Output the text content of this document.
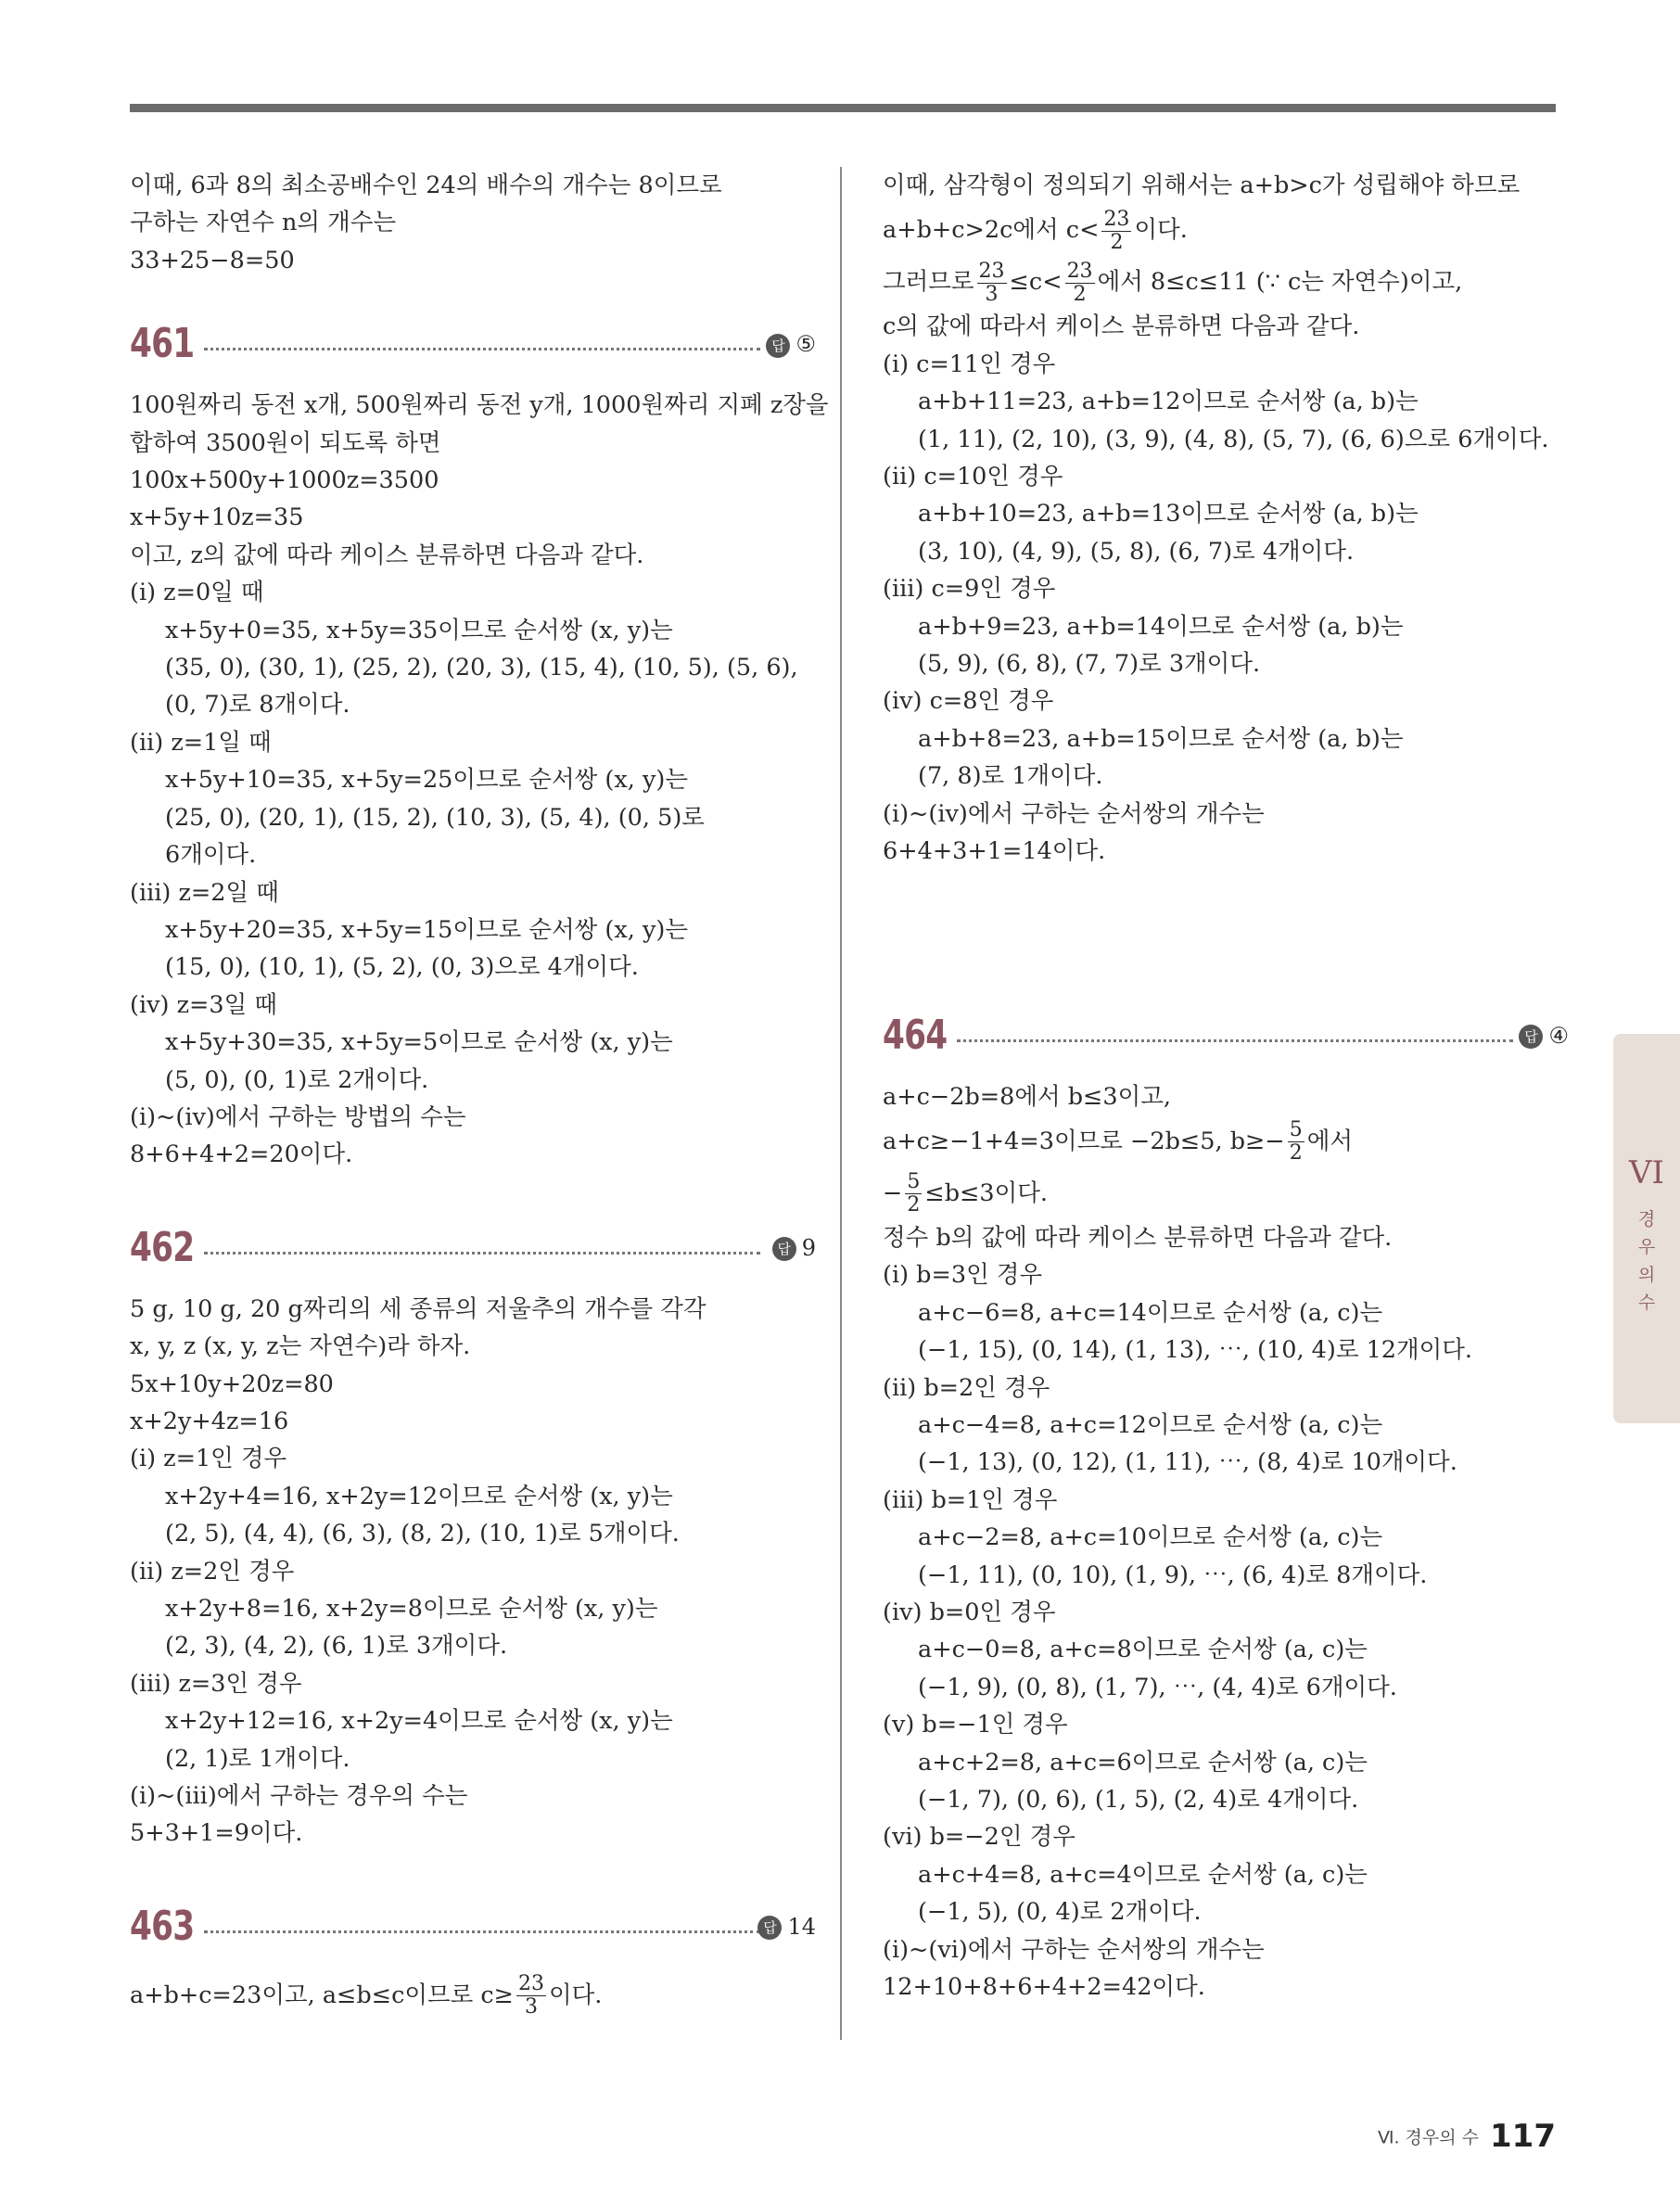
이때, 6과 8의 최소공배수인 24의 배수의 개수는 8이므로
구하는 자연수 n의 개수는
33+25−8=50
461	답 ⑤
100원짜리 동전 x개, 500원짜리 동전 y개, 1000원짜리 지폐 z장을
합하여 3500원이 되도록 하면
100x+500y+1000z=3500
x+5y+10z=35
이고, z의 값에 따라 케이스 분류하면 다음과 같다.
(ⅰ) z=0일 때
x+5y+0=35, x+5y=35이므로 순서쌍 (x, y)는
(35, 0), (30, 1), (25, 2), (20, 3), (15, 4), (10, 5), (5, 6),
(0, 7)로 8개이다.
(ⅱ) z=1일 때
x+5y+10=35, x+5y=25이므로 순서쌍 (x, y)는
(25, 0), (20, 1), (15, 2), (10, 3), (5, 4), (0, 5)로
6개이다.
(ⅲ) z=2일 때
x+5y+20=35, x+5y=15이므로 순서쌍 (x, y)는
(15, 0), (10, 1), (5, 2), (0, 3)으로 4개이다.
(ⅳ) z=3일 때
x+5y+30=35, x+5y=5이므로 순서쌍 (x, y)는
(5, 0), (0, 1)로 2개이다.
(ⅰ)~(ⅳ)에서 구하는 방법의 수는
8+6+4+2=20이다.
462	답 9
5 g, 10 g, 20 g짜리의 세 종류의 저울추의 개수를 각각
x, y, z (x, y, z는 자연수)라 하자.
5x+10y+20z=80
x+2y+4z=16
(ⅰ) z=1인 경우
x+2y+4=16, x+2y=12이므로 순서쌍 (x, y)는
(2, 5), (4, 4), (6, 3), (8, 2), (10, 1)로 5개이다.
(ⅱ) z=2인 경우
x+2y+8=16, x+2y=8이므로 순서쌍 (x, y)는
(2, 3), (4, 2), (6, 1)로 3개이다.
(ⅲ) z=3인 경우
x+2y+12=16, x+2y=4이므로 순서쌍 (x, y)는
(2, 1)로 1개이다.
(ⅰ)~(ⅲ)에서 구하는 경우의 수는
5+3+1=9이다.
463	답 14
a+b+c=23이고, a≤b≤c이므로 $c\ge \frac{23}{3}$ 이다.
이때, 삼각형이 정의되기 위해서는 a+b>c가 성립해야 하므로
a+b+c>2c에서 $c< \frac{23}{2}$ 이다.
그러므로 $\frac{23}{3} \le c< \frac{23}{2}$ 에서 8≤c≤11 (∵ c는 자연수)이고,
c의 값에 따라서 케이스 분류하면 다음과 같다.
(ⅰ) c=11인 경우
a+b+11=23, a+b=12이므로 순서쌍 (a, b)는
(1, 11), (2, 10), (3, 9), (4, 8), (5, 7), (6, 6)으로 6개이다.
(ⅱ) c=10인 경우
a+b+10=23, a+b=13이므로 순서쌍 (a, b)는
(3, 10), (4, 9), (5, 8), (6, 7)로 4개이다.
(ⅲ) c=9인 경우
a+b+9=23, a+b=14이므로 순서쌍 (a, b)는
(5, 9), (6, 8), (7, 7)로 3개이다.
(ⅳ) c=8인 경우
a+b+8=23, a+b=15이므로 순서쌍 (a, b)는
(7, 8)로 1개이다.
(ⅰ)~(ⅳ)에서 구하는 순서쌍의 개수는
6+4+3+1=14이다.
464	답 ④
a+c−2b=8에서 b≤3이고,
a+c≥−1+4=3이므로 −2b≤5, $b\ge- \frac{5}{2}$ 에서
− $\frac{5}{2} \le b\le 3$이다.
정수 b의 값에 따라 케이스 분류하면 다음과 같다.
(ⅰ) b=3인 경우
a+c−6=8, a+c=14이므로 순서쌍 (a, c)는
(−1, 15), (0, 14), (1, 13), ⋯, (10, 4)로 12개이다.
(ⅱ) b=2인 경우
a+c−4=8, a+c=12이므로 순서쌍 (a, c)는
(−1, 13), (0, 12), (1, 11), ⋯, (8, 4)로 10개이다.
(ⅲ) b=1인 경우
a+c−2=8, a+c=10이므로 순서쌍 (a, c)는
(−1, 11), (0, 10), (1, 9), ⋯, (6, 4)로 8개이다.
(ⅳ) b=0인 경우
a+c−0=8, a+c=8이므로 순서쌍 (a, c)는
(−1, 9), (0, 8), (1, 7), ⋯, (4, 4)로 6개이다.
(ⅴ) b=−1인 경우
a+c+2=8, a+c=6이므로 순서쌍 (a, c)는
(−1, 7), (0, 6), (1, 5), (2, 4)로 4개이다.
(ⅵ) b=−2인 경우
a+c+4=8, a+c=4이므로 순서쌍 (a, c)는
(−1, 5), (0, 4)로 2개이다.
(ⅰ)~(ⅵ)에서 구하는 순서쌍의 개수는
12+10+8+6+4+2=42이다.
VI
경
우
의
수
Ⅵ. 경우의 수 117
